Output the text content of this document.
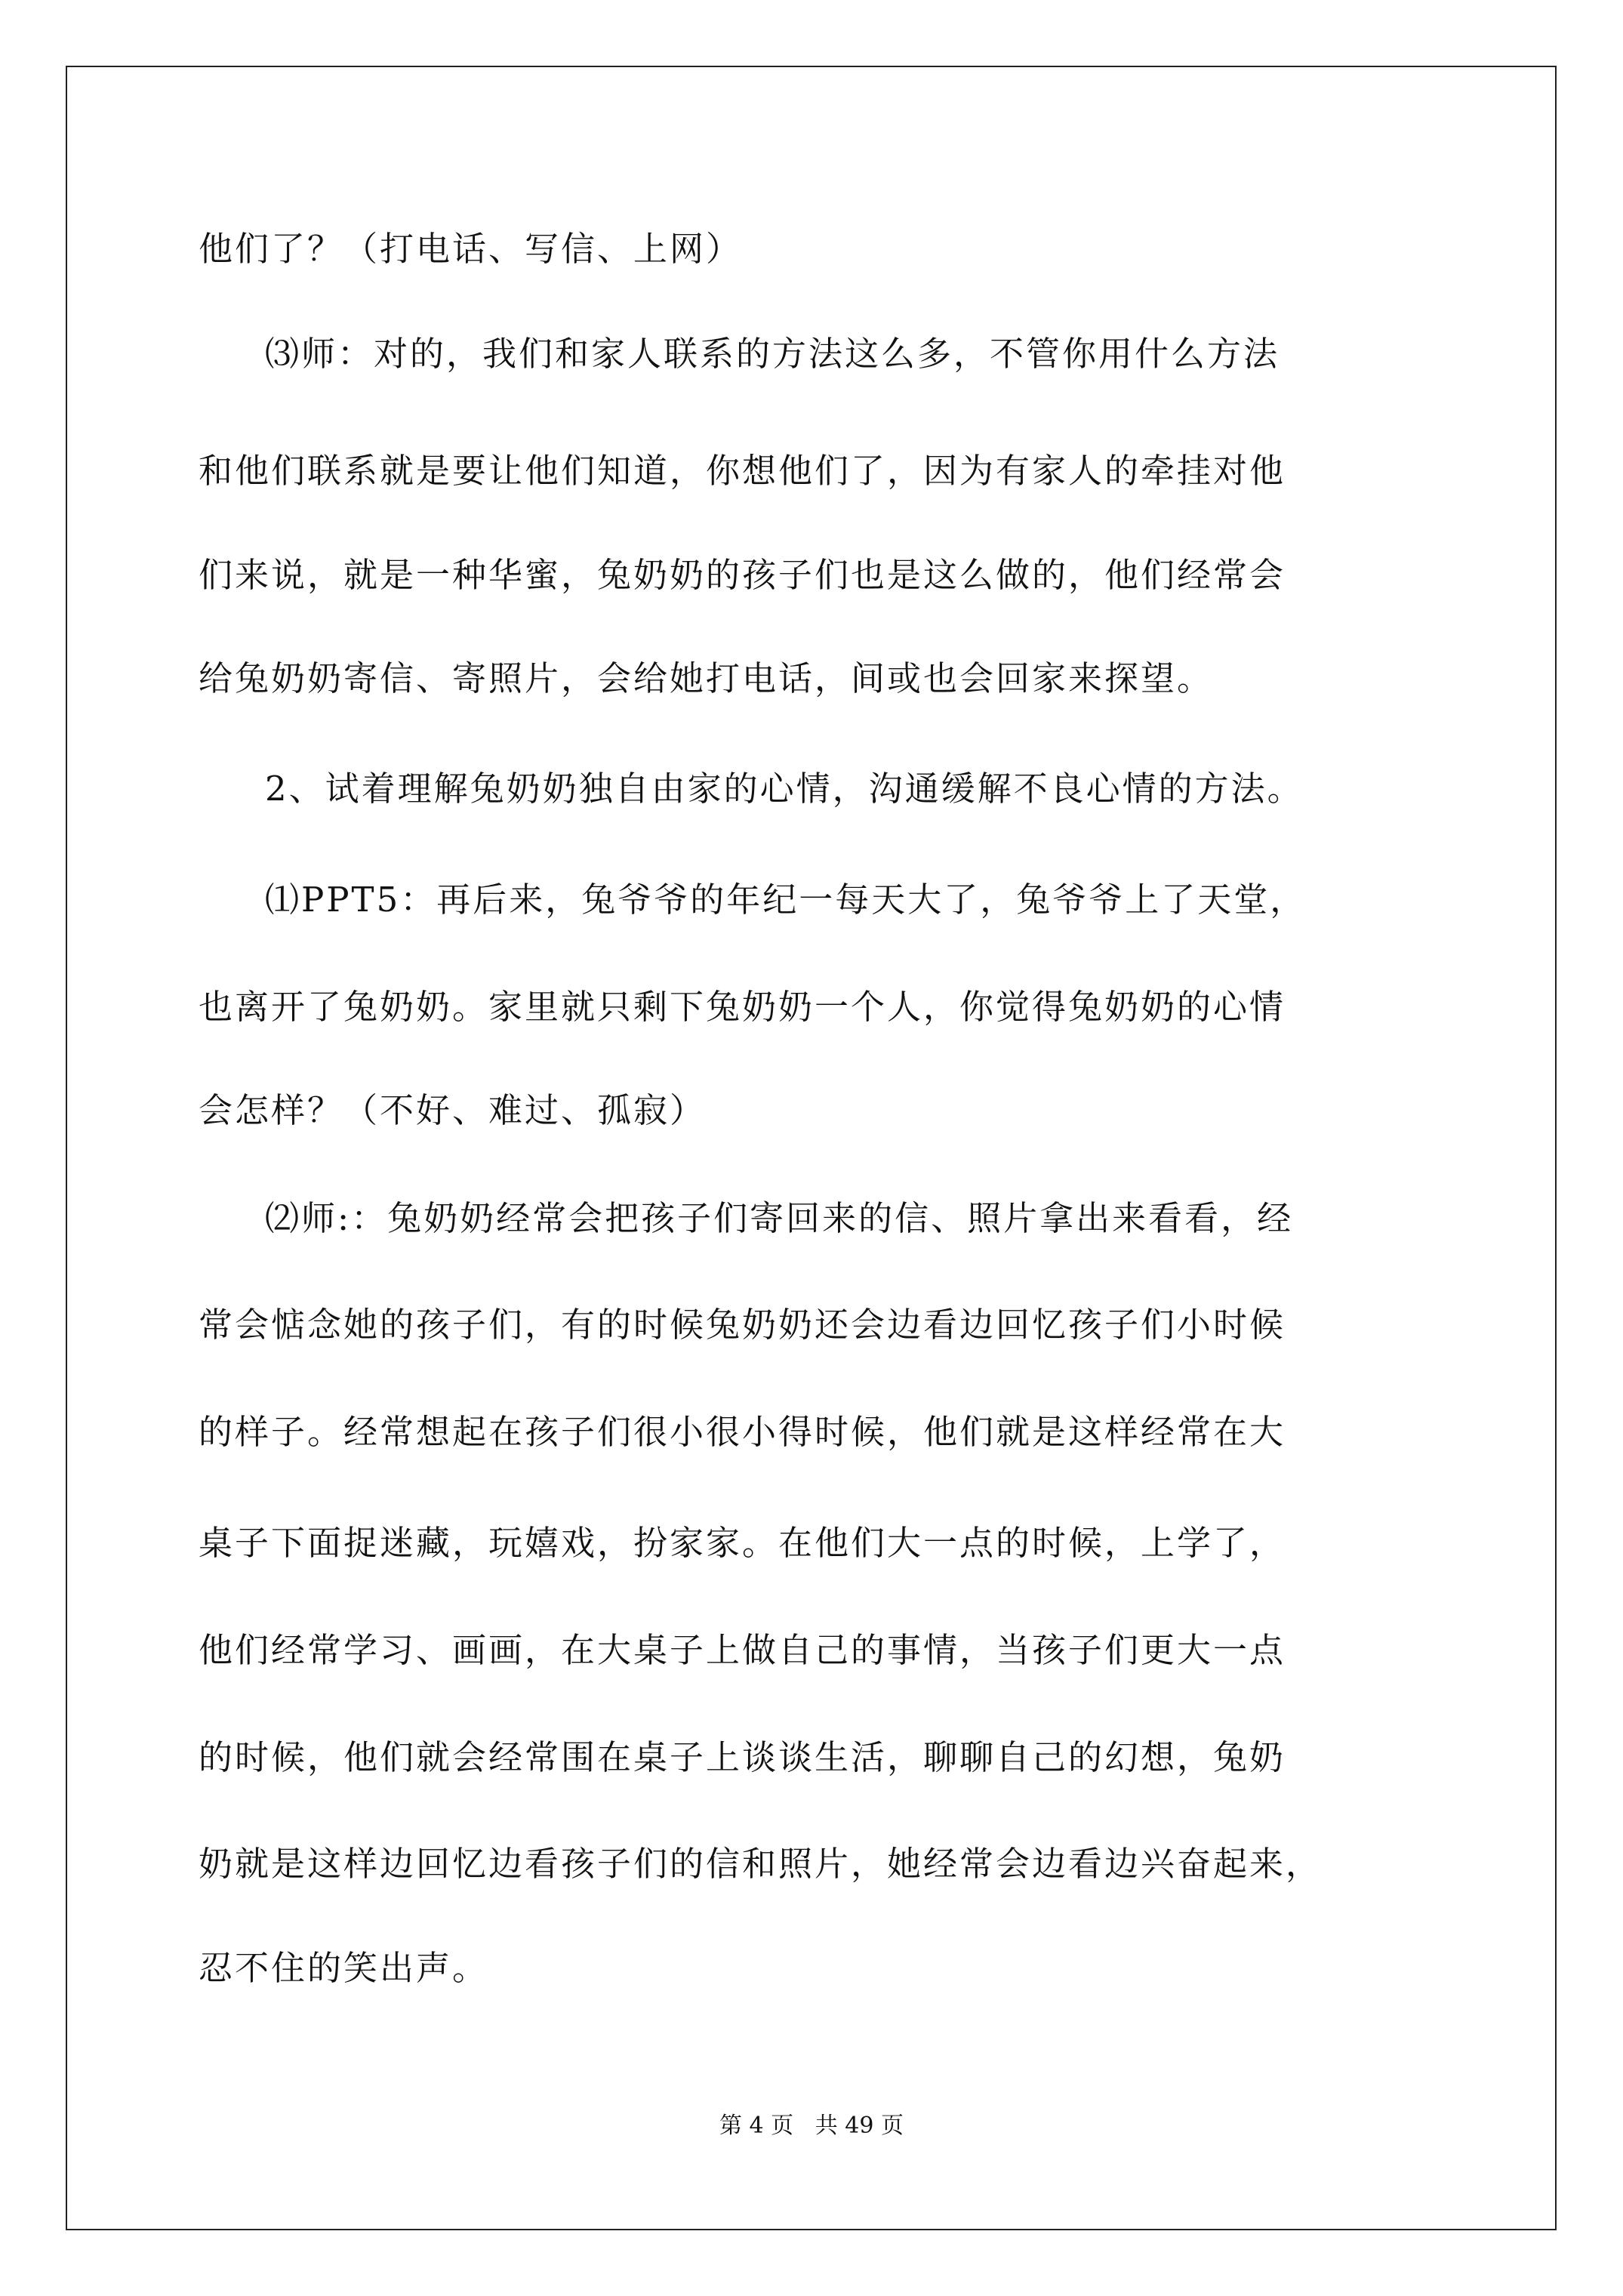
他们了？（打电话、写信、上网）
⑶师：对的，我们和家人联系的方法这么多，不管你用什么方法
和他们联系就是要让他们知道，你想他们了，因为有家人的牵挂对他
们来说，就是一种华蜜，兔奶奶的孩子们也是这么做的，他们经常会
给兔奶奶寄信、寄照片，会给她打电话，间或也会回家来探望。
2、试着理解兔奶奶独自由家的心情，沟通缓解不良心情的方法。
⑴PPT5：再后来，兔爷爷的年纪一每天大了，兔爷爷上了天堂，
也离开了兔奶奶。家里就只剩下兔奶奶一个人，你觉得兔奶奶的心情
会怎样？（不好、难过、孤寂）
⑵师:：兔奶奶经常会把孩子们寄回来的信、照片拿出来看看，经
常会惦念她的孩子们，有的时候兔奶奶还会边看边回忆孩子们小时候
的样子。经常想起在孩子们很小很小得时候，他们就是这样经常在大
桌子下面捉迷藏，玩嬉戏，扮家家。在他们大一点的时候，上学了，
他们经常学习、画画，在大桌子上做自己的事情，当孩子们更大一点
的时候，他们就会经常围在桌子上谈谈生活，聊聊自己的幻想，兔奶
奶就是这样边回忆边看孩子们的信和照片，她经常会边看边兴奋起来，
忍不住的笑出声。
第 4 页   共 49 页
